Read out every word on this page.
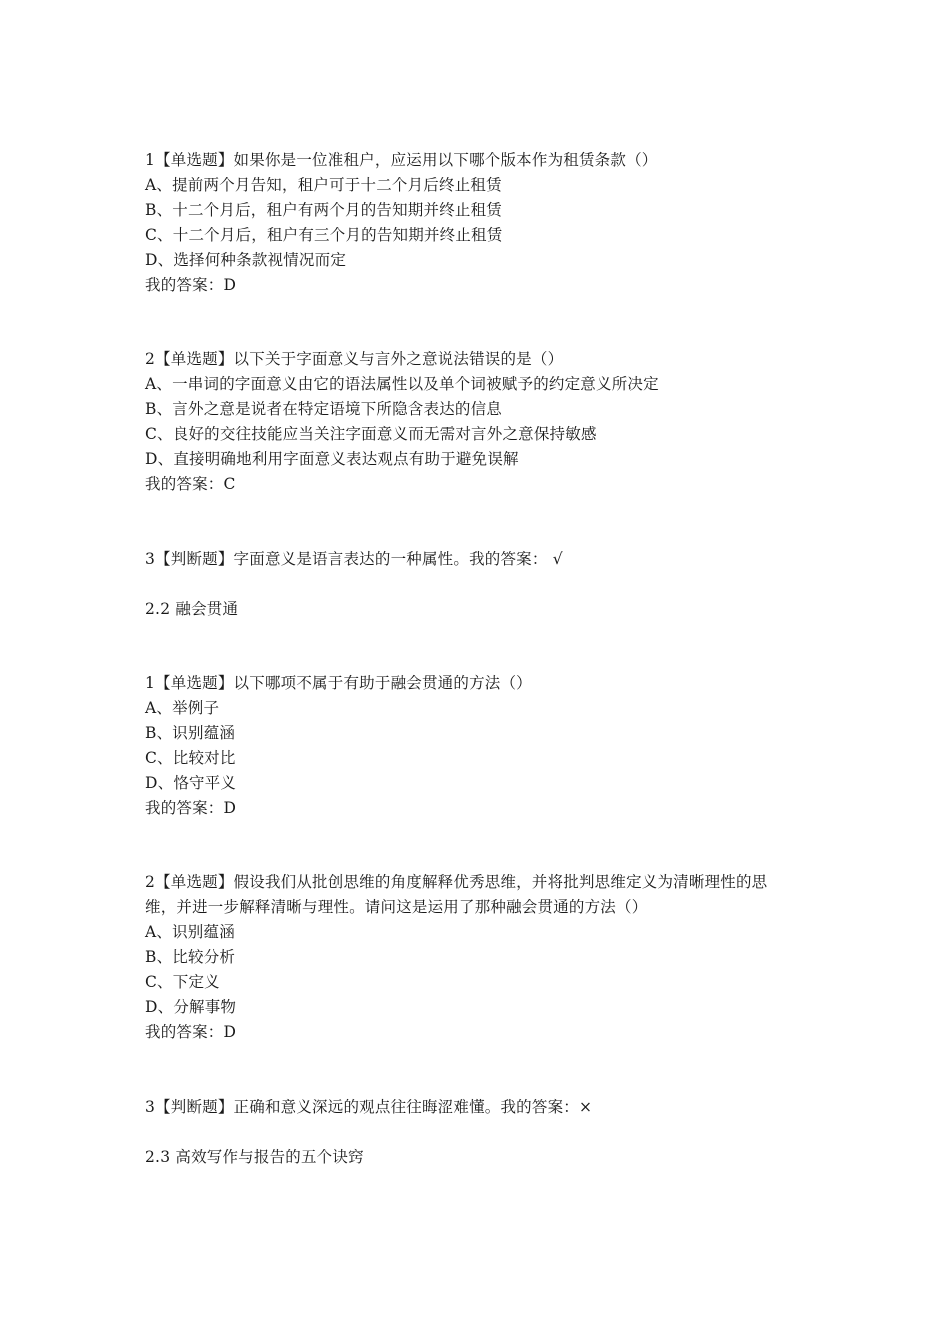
1【单选题】如果你是一位准租户，应运用以下哪个版本作为租赁条款（）
A、提前两个月告知，租户可于十二个月后终止租赁
B、十二个月后，租户有两个月的告知期并终止租赁
C、十二个月后，租户有三个月的告知期并终止租赁
D、选择何种条款视情况而定
我的答案：D
2【单选题】以下关于字面意义与言外之意说法错误的是（）
A、一串词的字面意义由它的语法属性以及单个词被赋予的约定意义所决定
B、言外之意是说者在特定语境下所隐含表达的信息
C、良好的交往技能应当关注字面意义而无需对言外之意保持敏感
D、直接明确地利用字面意义表达观点有助于避免误解
我的答案：C
3【判断题】字面意义是语言表达的一种属性。我的答案： √
2.2 融会贯通
1【单选题】以下哪项不属于有助于融会贯通的方法（）
A、举例子
B、识别蕴涵
C、比较对比
D、恪守平义
我的答案：D
2【单选题】假设我们从批创思维的角度解释优秀思维，并将批判思维定义为清晰理性的思
维，并进一步解释清晰与理性。请问这是运用了那种融会贯通的方法（）
A、识别蕴涵
B、比较分析
C、下定义
D、分解事物
我的答案：D
3【判断题】正确和意义深远的观点往往晦涩难懂。我的答案：×
2.3 高效写作与报告的五个诀窍
